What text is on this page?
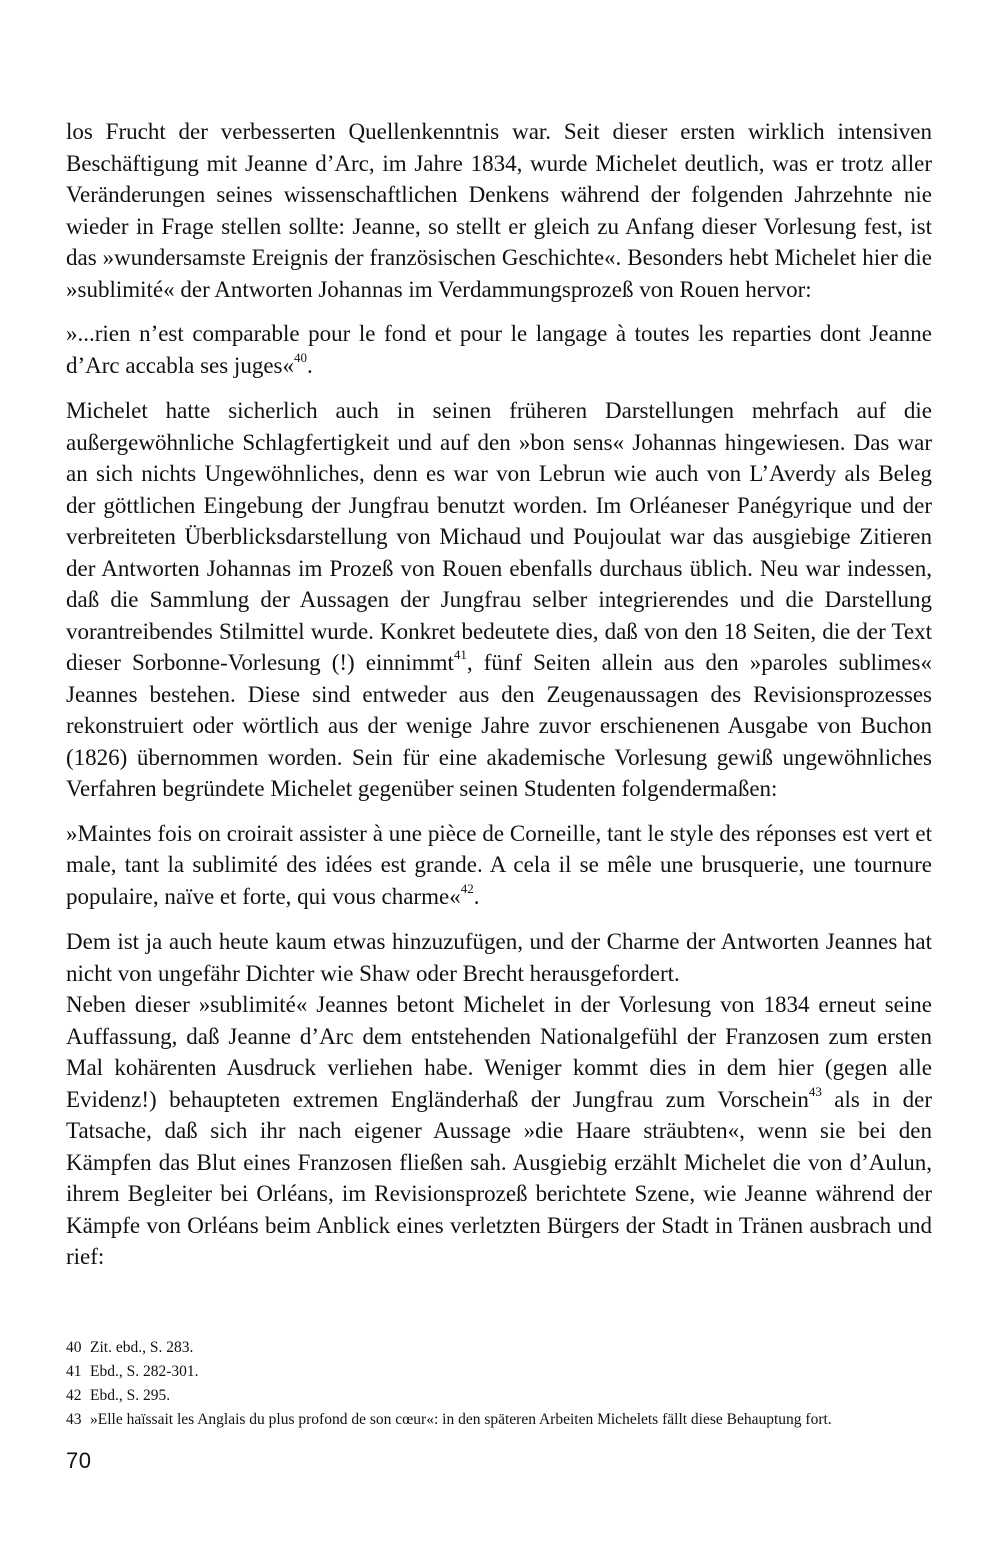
los Frucht der verbesserten Quellenkenntnis war. Seit dieser ersten wirklich intensiven Beschäftigung mit Jeanne d’Arc, im Jahre 1834, wurde Michelet deutlich, was er trotz aller Veränderungen seines wissenschaftlichen Denkens während der folgenden Jahrzehnte nie wieder in Frage stellen sollte: Jeanne, so stellt er gleich zu Anfang dieser Vorlesung fest, ist das »wundersamste Ereignis der französischen Geschichte«. Besonders hebt Michelet hier die »sublimité« der Antworten Johannas im Verdammungsprozeß von Rouen hervor:

»...rien n’est comparable pour le fond et pour le langage à toutes les reparties dont Jeanne d’Arc accabla ses juges«$^{40}$.

Michelet hatte sicherlich auch in seinen früheren Darstellungen mehrfach auf die außergewöhnliche Schlagfertigkeit und auf den »bon sens« Johannas hingewiesen. Das war an sich nichts Ungewöhnliches, denn es war von Lebrun wie auch von L’Averdy als Beleg der göttlichen Eingebung der Jungfrau benutzt worden. Im Orléaneser Panégyrique und der verbreiteten Überblicksdarstellung von Michaud und Poujoulat war das ausgiebige Zitieren der Antworten Johannas im Prozeß von Rouen ebenfalls durchaus üblich. Neu war indessen, daß die Sammlung der Aussagen der Jungfrau selber integrierendes und die Darstellung vorantreibendes Stilmittel wurde. Konkret bedeutete dies, daß von den 18 Seiten, die der Text dieser Sorbonne-Vorlesung (!) einnimmt$^{41}$, fünf Seiten allein aus den »paroles sublimes« Jeannes bestehen. Diese sind entweder aus den Zeugenaussagen des Revisionsprozesses rekonstruiert oder wörtlich aus der wenige Jahre zuvor erschienenen Ausgabe von Buchon (1826) übernommen worden. Sein für eine akademische Vorlesung gewiß ungewöhnliches Verfahren begründete Michelet gegenüber seinen Studenten folgendermaßen:

»Maintes fois on croirait assister à une pièce de Corneille, tant le style des réponses est vert et male, tant la sublimité des idées est grande. A cela il se mêle une brusquerie, une tournure populaire, naïve et forte, qui vous charme«$^{42}$.

Dem ist ja auch heute kaum etwas hinzuzufügen, und der Charme der Antworten Jeannes hat nicht von ungefähr Dichter wie Shaw oder Brecht herausgefordert.

Neben dieser »sublimité« Jeannes betont Michelet in der Vorlesung von 1834 erneut seine Auffassung, daß Jeanne d’Arc dem entstehenden Nationalgefühl der Franzosen zum ersten Mal kohärenten Ausdruck verliehen habe. Weniger kommt dies in dem hier (gegen alle Evidenz!) behaupteten extremen Engländerhaß der Jungfrau zum Vorschein$^{43}$ als in der Tatsache, daß sich ihr nach eigener Aussage »die Haare sträubten«, wenn sie bei den Kämpfen das Blut eines Franzosen fließen sah. Ausgiebig erzählt Michelet die von d’Aulun, ihrem Begleiter bei Orléans, im Revisionsprozeß berichtete Szene, wie Jeanne während der Kämpfe von Orléans beim Anblick eines verletzten Bürgers der Stadt in Tränen ausbrach und rief:

40 Zit. ebd., S. 283.
41 Ebd., S. 282-301.
42 Ebd., S. 295.
43 »Elle haïssait les Anglais du plus profond de son cœur«: in den späteren Arbeiten Michelets fällt diese Behauptung fort.
70
